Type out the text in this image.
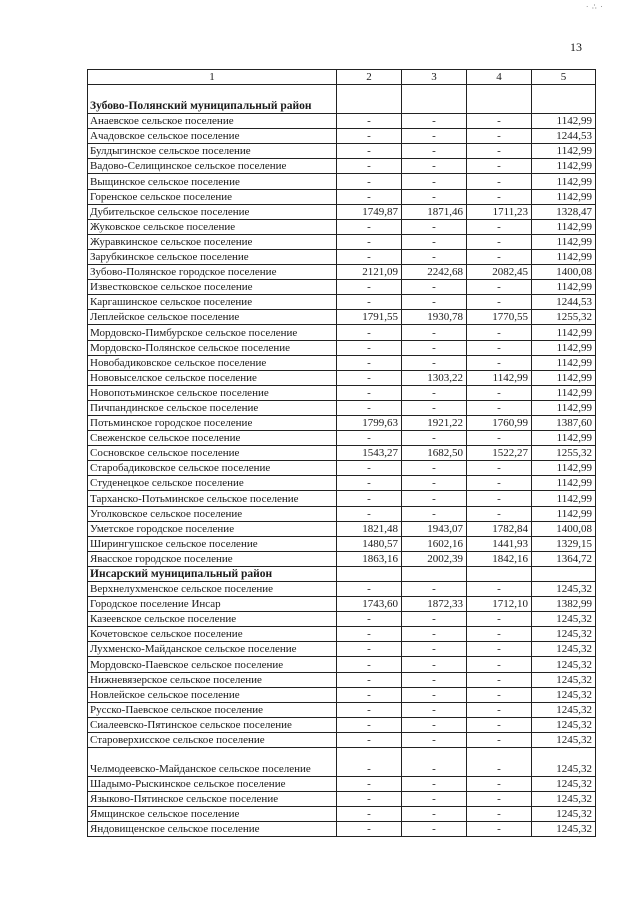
· ∴ ·
13
1	2	3	4	5
Зубово-Полянский муниципальный район				
Анаевское сельское поселение	-	-	-	1142,99
Ачадовское сельское поселение	-	-	-	1244,53
Булдыгинское сельское поселение	-	-	-	1142,99
Вадово-Селищинское сельское поселение	-	-	-	1142,99
Выщинское сельское поселение	-	-	-	1142,99
Горенское сельское поселение	-	-	-	1142,99
Дубительское сельское поселение	1749,87	1871,46	1711,23	1328,47
Жуковское сельское поселение	-	-	-	1142,99
Журавкинское сельское поселение	-	-	-	1142,99
Зарубкинское сельское поселение	-	-	-	1142,99
Зубово-Полянское городское поселение	2121,09	2242,68	2082,45	1400,08
Известковское сельское поселение	-	-	-	1142,99
Каргашинское сельское поселение	-	-	-	1244,53
Леплейское сельское поселение	1791,55	1930,78	1770,55	1255,32
Мордовско-Пимбурское сельское поселение	-	-	-	1142,99
Мордовско-Полянское сельское поселение	-	-	-	1142,99
Новобадиковское сельское поселение	-	-	-	1142,99
Нововыселское сельское поселение	-	1303,22	1142,99	1142,99
Новопотьминское сельское поселение	-	-	-	1142,99
Пичпандинское сельское поселение	-	-	-	1142,99
Потьминское городское поселение	1799,63	1921,22	1760,99	1387,60
Свеженское сельское поселение	-	-	-	1142,99
Сосновское сельское поселение	1543,27	1682,50	1522,27	1255,32
Старобадиковское сельское поселение	-	-	-	1142,99
Студенецкое сельское поселение	-	-	-	1142,99
Тарханско-Потьминское сельское поселение	-	-	-	1142,99
Уголковское сельское поселение	-	-	-	1142,99
Уметское городское поселение	1821,48	1943,07	1782,84	1400,08
Ширингушское сельское поселение	1480,57	1602,16	1441,93	1329,15
Явасское городское поселение	1863,16	2002,39	1842,16	1364,72
Инсарский муниципальный район				
Верхнелухменское сельское поселение	-	-	-	1245,32
Городское поселение Инсар	1743,60	1872,33	1712,10	1382,99
Казеевское сельское поселение	-	-	-	1245,32
Кочетовское сельское поселение	-	-	-	1245,32
Лухменско-Майданское сельское поселение	-	-	-	1245,32
Мордовско-Паевское сельское поселение	-	-	-	1245,32
Нижневязерское сельское поселение	-	-	-	1245,32
Новлейское сельское поселение	-	-	-	1245,32
Русско-Паевское сельское поселение	-	-	-	1245,32
Сиалеевско-Пятинское сельское поселение	-	-	-	1245,32
Староверхисское сельское поселение	-	-	-	1245,32
Челмодеевско-Майданское сельское поселение	-	-	-	1245,32
Шадымо-Рыскинское сельское поселение	-	-	-	1245,32
Языково-Пятинское сельское поселение	-	-	-	1245,32
Ямщинское сельское поселение	-	-	-	1245,32
Яндовищенское сельское поселение	-	-	-	1245,32
